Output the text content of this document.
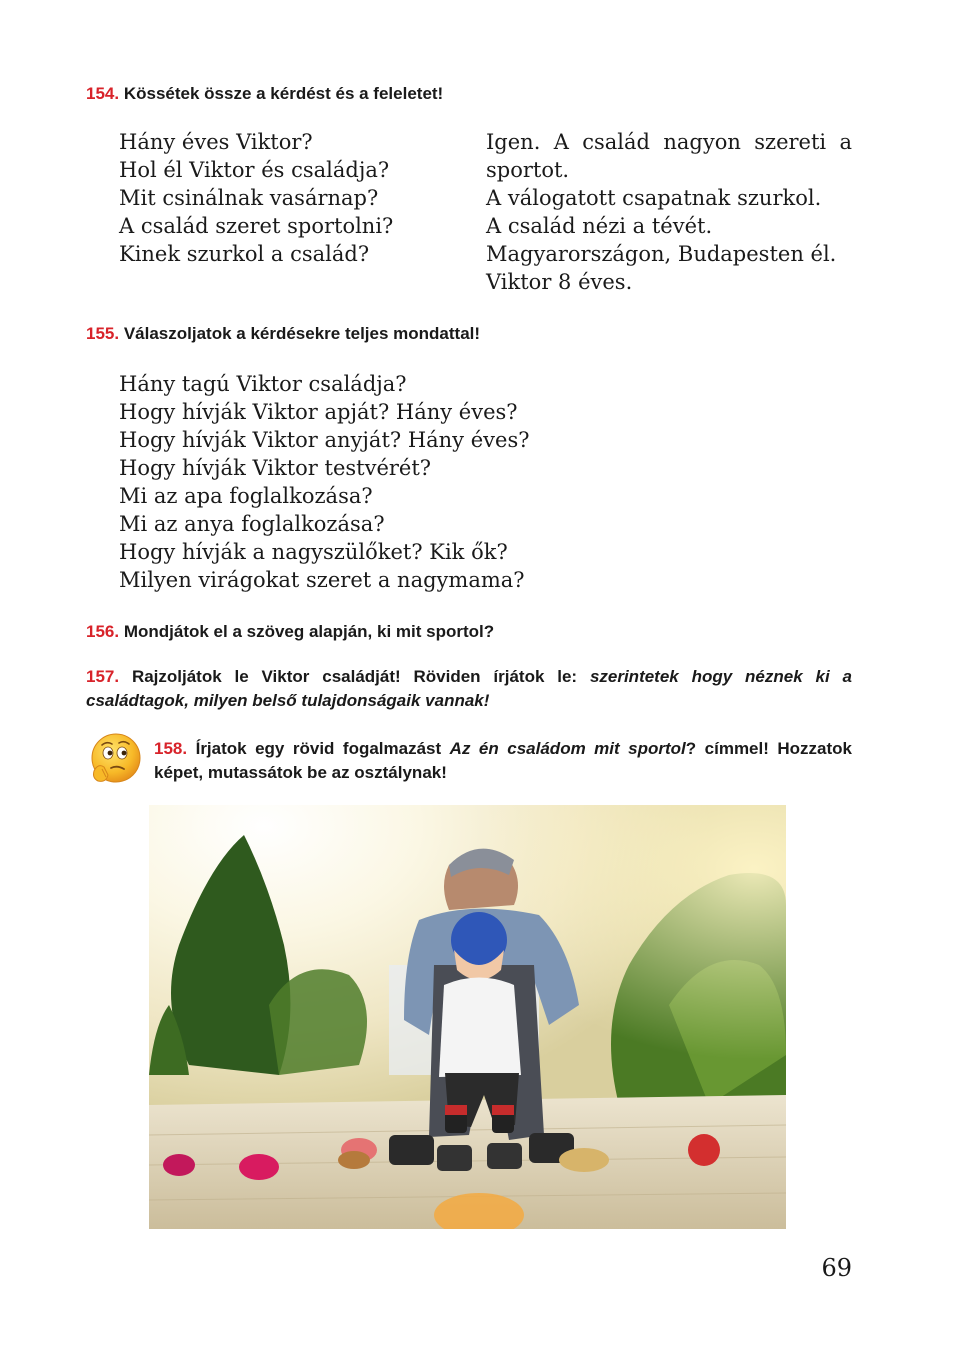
154. Kössétek össze a kérdést és a feleletet!

Hány éves Viktor?
Hol él Viktor és családja?
Mit csinálnak vasárnap?
A család szeret sportolni?
Kinek szurkol a család?
Igen. A család nagyon szereti a
sportot.
A válogatott csapatnak szurkol.
A család nézi a tévét.
Magyarországon, Budapesten él.
Viktor 8 éves.

155. Válaszoljatok a kérdésekre teljes mondattal!

Hány tagú Viktor családja?
Hogy hívják Viktor apját? Hány éves?
Hogy hívják Viktor anyját? Hány éves?
Hogy hívják Viktor testvérét?
Mi az apa foglalkozása?
Mi az anya foglalkozása?
Hogy hívják a nagyszülőket? Kik ők?
Milyen virágokat szeret a nagymama?

156. Mondjátok el a szöveg alapján, ki mit sportol?

157. Rajzoljátok le Viktor családját! Röviden írjátok le: szerintetek hogy néznek ki a családtagok, milyen belső tulajdonságaik vannak!

158. Írjatok egy rövid fogalmazást Az én családom mit sportol? címmel! Hozzatok képet, mutassátok be az osztálynak!

69
